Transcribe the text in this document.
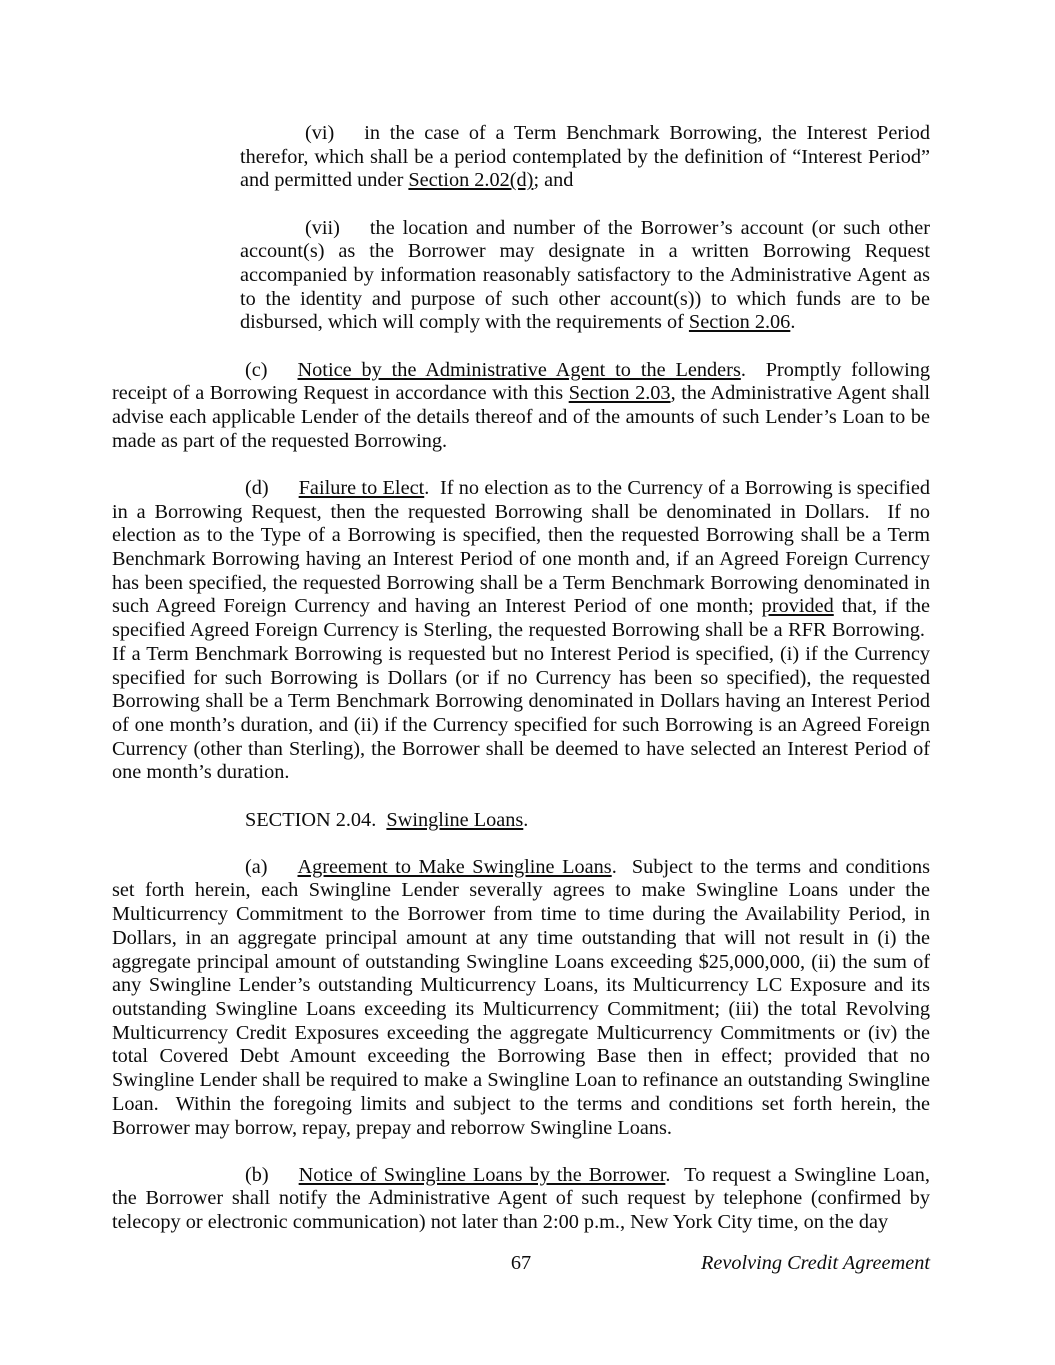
(vi) in the case of a Term Benchmark Borrowing, the Interest Period therefor, which shall be a period contemplated by the definition of “Interest Period” and permitted under Section 2.02(d); and

(vii) the location and number of the Borrower’s account (or such other account(s) as the Borrower may designate in a written Borrowing Request accompanied by information reasonably satisfactory to the Administrative Agent as to the identity and purpose of such other account(s)) to which funds are to be disbursed, which will comply with the requirements of Section 2.06.

(c) Notice by the Administrative Agent to the Lenders.  Promptly following receipt of a Borrowing Request in accordance with this Section 2.03, the Administrative Agent shall advise each applicable Lender of the details thereof and of the amounts of such Lender’s Loan to be made as part of the requested Borrowing.

(d) Failure to Elect.  If no election as to the Currency of a Borrowing is specified in a Borrowing Request, then the requested Borrowing shall be denominated in Dollars.  If no election as to the Type of a Borrowing is specified, then the requested Borrowing shall be a Term Benchmark Borrowing having an Interest Period of one month and, if an Agreed Foreign Currency has been specified, the requested Borrowing shall be a Term Benchmark Borrowing denominated in such Agreed Foreign Currency and having an Interest Period of one month; provided that, if the specified Agreed Foreign Currency is Sterling, the requested Borrowing shall be a RFR Borrowing.  If a Term Benchmark Borrowing is requested but no Interest Period is specified, (i) if the Currency specified for such Borrowing is Dollars (or if no Currency has been so specified), the requested Borrowing shall be a Term Benchmark Borrowing denominated in Dollars having an Interest Period of one month’s duration, and (ii) if the Currency specified for such Borrowing is an Agreed Foreign Currency (other than Sterling), the Borrower shall be deemed to have selected an Interest Period of one month’s duration.

SECTION 2.04.  Swingline Loans.

(a) Agreement to Make Swingline Loans.  Subject to the terms and conditions set forth herein, each Swingline Lender severally agrees to make Swingline Loans under the Multicurrency Commitment to the Borrower from time to time during the Availability Period, in Dollars, in an aggregate principal amount at any time outstanding that will not result in (i) the aggregate principal amount of outstanding Swingline Loans exceeding $25,000,000, (ii) the sum of any Swingline Lender’s outstanding Multicurrency Loans, its Multicurrency LC Exposure and its outstanding Swingline Loans exceeding its Multicurrency Commitment; (iii) the total Revolving Multicurrency Credit Exposures exceeding the aggregate Multicurrency Commitments or (iv) the total Covered Debt Amount exceeding the Borrowing Base then in effect; provided that no Swingline Lender shall be required to make a Swingline Loan to refinance an outstanding Swingline Loan.  Within the foregoing limits and subject to the terms and conditions set forth herein, the Borrower may borrow, repay, prepay and reborrow Swingline Loans.

(b) Notice of Swingline Loans by the Borrower.  To request a Swingline Loan, the Borrower shall notify the Administrative Agent of such request by telephone (confirmed by telecopy or electronic communication) not later than 2:00 p.m., New York City time, on the day

67	Revolving Credit Agreement
